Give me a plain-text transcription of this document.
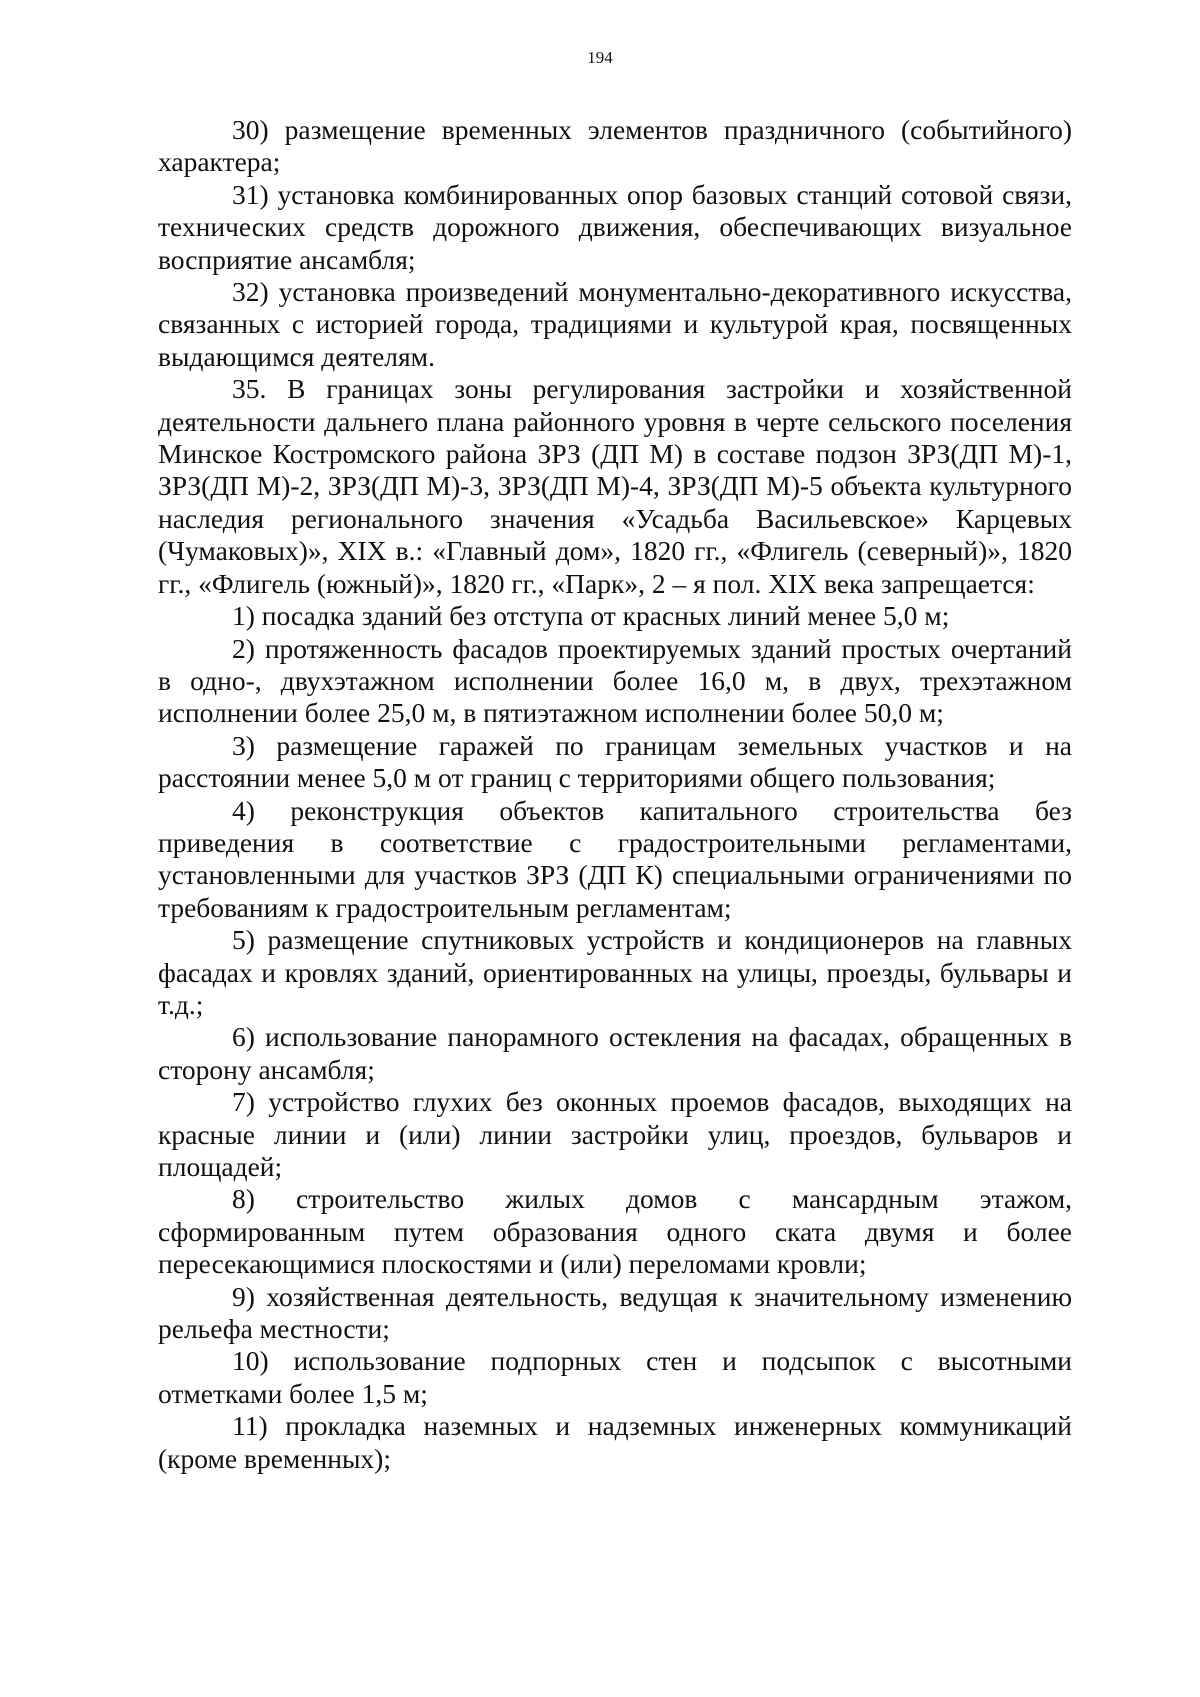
194

30) размещение временных элементов праздничного (событийного) характера;

31) установка комбинированных опор базовых станций сотовой связи, технических средств дорожного движения, обеспечивающих визуальное восприятие ансамбля;

32) установка произведений монументально-декоративного искусства, связанных с историей города, традициями и культурой края, посвященных выдающимся деятелям.

35. В границах зоны регулирования застройки и хозяйственной деятельности дальнего плана районного уровня в черте сельского поселения Минское Костромского района ЗРЗ (ДП М) в составе подзон ЗРЗ(ДП М)-1, ЗРЗ(ДП М)-2, ЗРЗ(ДП М)-3, ЗРЗ(ДП М)-4, ЗРЗ(ДП М)-5 объекта культурного наследия регионального значения «Усадьба Васильевское» Карцевых (Чумаковых)», XIX в.: «Главный дом», 1820 гг., «Флигель (северный)», 1820 гг., «Флигель (южный)», 1820 гг., «Парк», 2 – я пол. XIX века запрещается:

1) посадка зданий без отступа от красных линий менее 5,0 м;

2) протяженность фасадов проектируемых зданий простых очертаний в одно-, двухэтажном исполнении более 16,0 м, в двух, трехэтажном исполнении более 25,0 м, в пятиэтажном исполнении более 50,0 м;

3) размещение гаражей по границам земельных участков и на расстоянии менее 5,0 м от границ с территориями общего пользования;

4) реконструкция объектов капитального строительства без приведения в соответствие с градостроительными регламентами, установленными для участков ЗРЗ (ДП К) специальными ограничениями по требованиям к градостроительным регламентам;

5) размещение спутниковых устройств и кондиционеров на главных фасадах и кровлях зданий, ориентированных на улицы, проезды, бульвары и т.д.;

6) использование панорамного остекления на фасадах, обращенных в сторону ансамбля;

7) устройство глухих без оконных проемов фасадов, выходящих на красные линии и (или) линии застройки улиц, проездов, бульваров и площадей;

8) строительство жилых домов с мансардным этажом, сформированным путем образования одного ската двумя и более пересекающимися плоскостями и (или) переломами кровли;

9) хозяйственная деятельность, ведущая к значительному изменению рельефа местности;

10) использование подпорных стен и подсыпок с высотными отметками более 1,5 м;

11) прокладка наземных и надземных инженерных коммуникаций (кроме временных);
